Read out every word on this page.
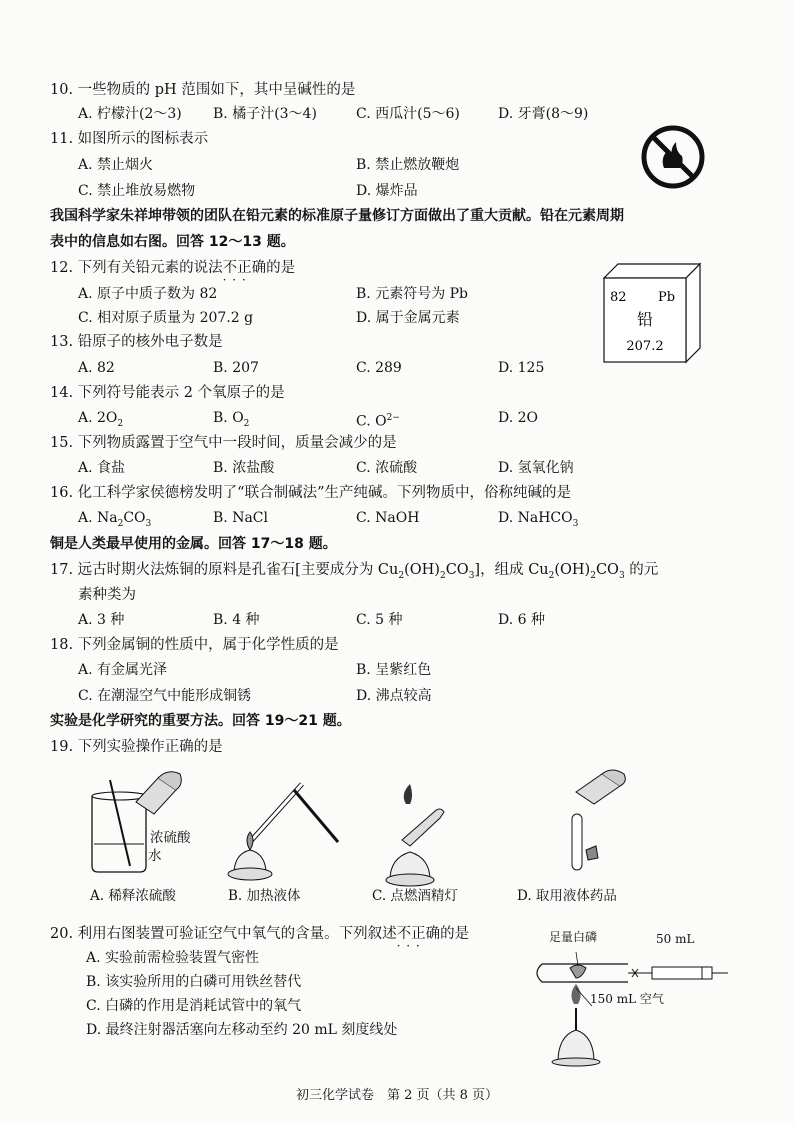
10. 一些物质的 pH 范围如下，其中呈碱性的是
A. 柠檬汁(2～3) B. 橘子汁(3～4)	C. 西瓜汁(5～6)	D. 牙膏(8～9)
11. 如图所示的图标表示
A. 禁止烟火	B. 禁止燃放鞭炮
C. 禁止堆放易燃物	D. 爆炸品
我国科学家朱祥坤带领的团队在铅元素的标准原子量修订方面做出了重大贡献。铅在元素周期
表中的信息如右图。回答 12～13 题。
12. 下列有关铅元素的说法不正确 · · ·的是
A. 原子中质子数为 82	B. 元素符号为 Pb
C. 相对原子质量为 207.2 g	D. 属于金属元素
82 Pb
铅
207.2
13. 铅原子的核外电子数是
A. 82	B. 207	C. 289	D. 125
14. 下列符号能表示 2 个氧原子的是
A. $2O_2$	B. $O_2$	C. $O^{2-}$	D. 2O
15. 下列物质露置于空气中一段时间，质量会减少的是
A. 食盐	B. 浓盐酸	C. 浓硫酸	D. 氢氧化钠
16. 化工科学家侯德榜发明了“联合制碱法”生产纯碱。下列物质中，俗称纯碱的是
A. $Na_2CO_3$	B. NaCl	C. NaOH	D. NaHCO$_3$
铜是人类最早使用的金属。回答 17～18 题。
17. 远古时期火法炼铜的原料是孔雀石[主要成分为 $Cu_2(OH)_2CO_3$]，组成 $Cu_2(OH)_2CO_3$ 的元
素种类为
A. 3 种	B. 4 种	C. 5 种	D. 6 种
18. 下列金属铜的性质中，属于化学性质的是
A. 有金属光泽	B. 呈紫红色
C. 在潮湿空气中能形成铜锈	D. 沸点较高
实验是化学研究的重要方法。回答 19～21 题。
19. 下列实验操作正确的是
浓硫酸
水
A. 稀释浓硫酸	B. 加热液体	C. 点燃酒精灯	D. 取用液体药品
20. 利用右图装置可验证空气中氧气的含量。下列叙述不正确 · · ·的是
A. 实验前需检验装置气密性
B. 该实验所用的白磷可用铁丝替代
C. 白磷的作用是消耗试管中的氧气
D. 最终注射器活塞向左移动至约 20 mL 刻度线处
足量白磷	50 mL
150 mL 空气
初三化学试卷　第 2 页（共 8 页）
